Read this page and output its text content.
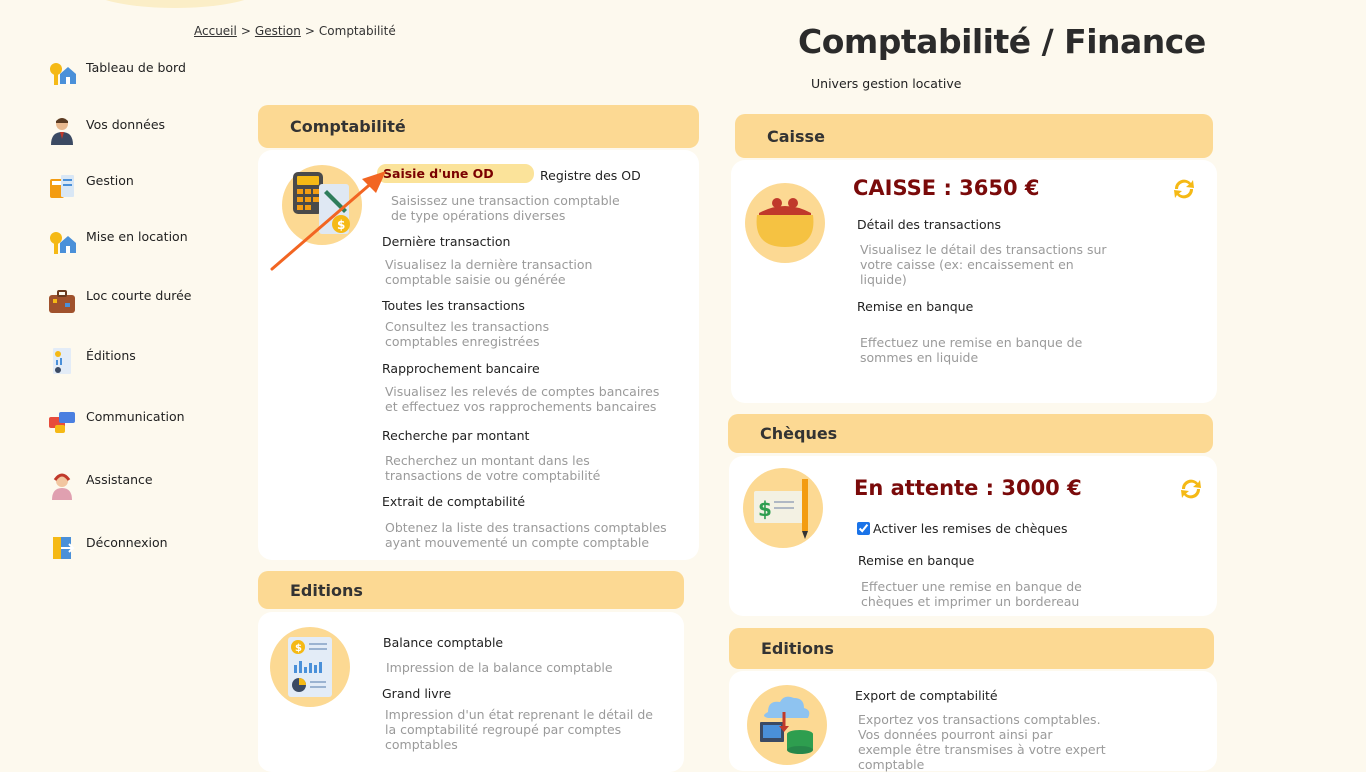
Accueil > Gestion > Comptabilité
Tableau de bord
Vos données
Gestion
Mise en location
Loc courte durée
Éditions
Communication
Assistance
Déconnexion
Comptabilité / Finance
Univers gestion locative
Comptabilité
$
Saisie d'une OD	Registre des OD
Saisissez une transaction comptable de type opérations diverses
Dernière transaction
Visualisez la dernière transaction comptable saisie ou générée
Toutes les transactions
Consultez les transactions comptables enregistrées
Rapprochement bancaire
Visualisez les relevés de comptes bancaires et effectuez vos rapprochements bancaires
Recherche par montant
Recherchez un montant dans les transactions de votre comptabilité
Extrait de comptabilité
Obtenez la liste des transactions comptables ayant mouvementé un compte comptable
Editions
$	Balance comptable
Impression de la balance comptable
Grand livre
Impression d'un état reprenant le détail de la comptabilité regroupé par comptes comptables
Caisse
CAISSE : 3650 €
Détail des transactions
Visualisez le détail des transactions sur votre caisse (ex: encaissement en liquide)
Remise en banque
Effectuez une remise en banque de sommes en liquide
Chèques
$
En attente : 3000 €
Activer les remises de chèques
Remise en banque
Effectuer une remise en banque de chèques et imprimer un bordereau
Editions
Export de comptabilité
Exportez vos transactions comptables. Vos données pourront ainsi par exemple être transmises à votre expert comptable
